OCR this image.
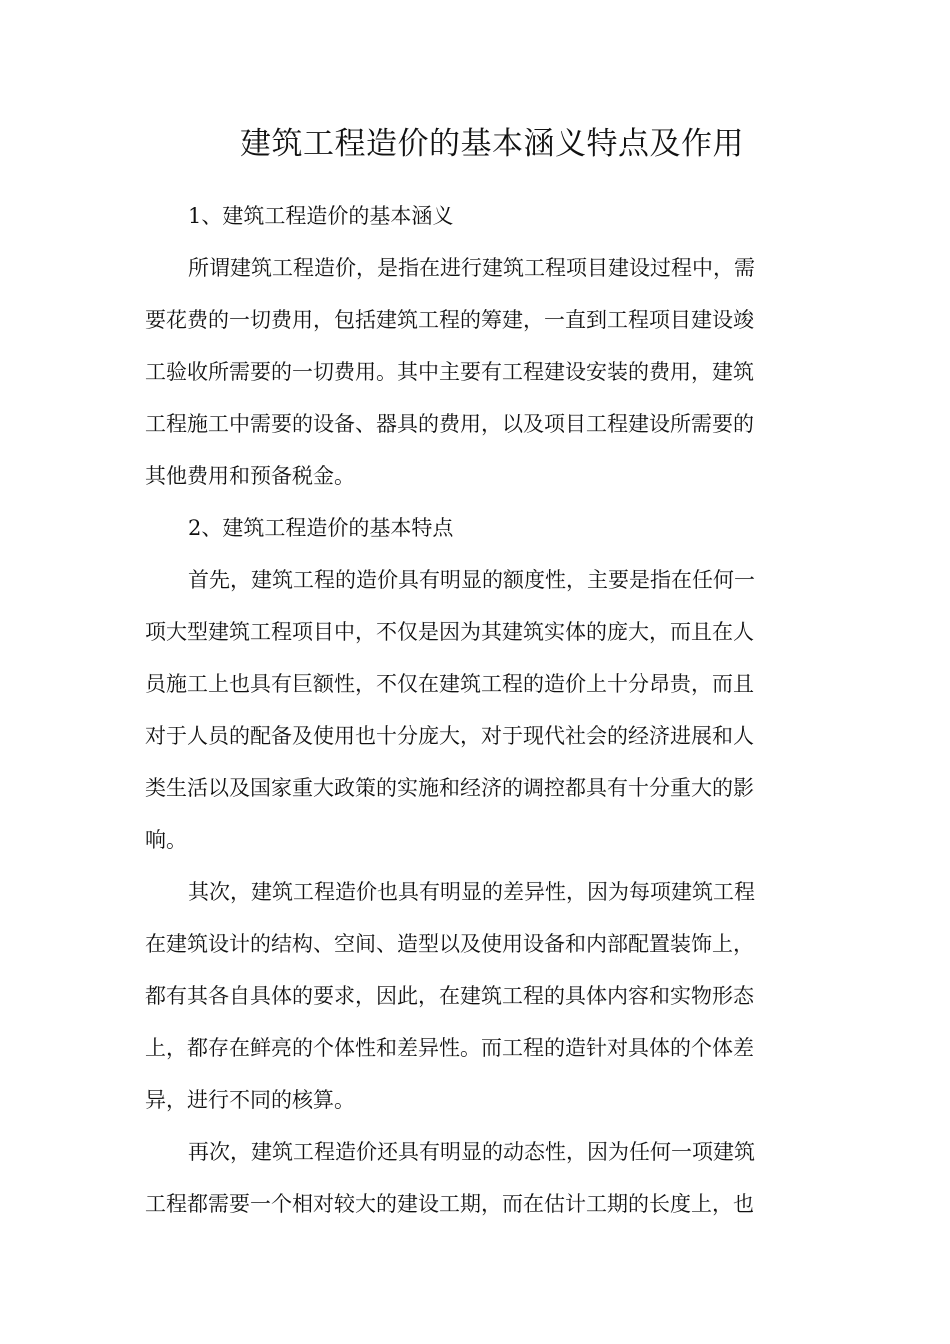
建筑工程造价的基本涵义特点及作用
1、建筑工程造价的基本涵义
所谓建筑工程造价，是指在进行建筑工程项目建设过程中，需
要花费的一切费用，包括建筑工程的筹建，一直到工程项目建设竣
工验收所需要的一切费用。其中主要有工程建设安装的费用，建筑
工程施工中需要的设备、器具的费用，以及项目工程建设所需要的
其他费用和预备税金。
2、建筑工程造价的基本特点
首先，建筑工程的造价具有明显的额度性，主要是指在任何一
项大型建筑工程项目中，不仅是因为其建筑实体的庞大，而且在人
员施工上也具有巨额性，不仅在建筑工程的造价上十分昂贵，而且
对于人员的配备及使用也十分庞大，对于现代社会的经济进展和人
类生活以及国家重大政策的实施和经济的调控都具有十分重大的影
响。
其次，建筑工程造价也具有明显的差异性，因为每项建筑工程
在建筑设计的结构、空间、造型以及使用设备和内部配置装饰上，
都有其各自具体的要求，因此，在建筑工程的具体内容和实物形态
上，都存在鲜亮的个体性和差异性。而工程的造针对具体的个体差
异，进行不同的核算。
再次，建筑工程造价还具有明显的动态性，因为任何一项建筑
工程都需要一个相对较大的建设工期，而在估计工期的长度上，也
